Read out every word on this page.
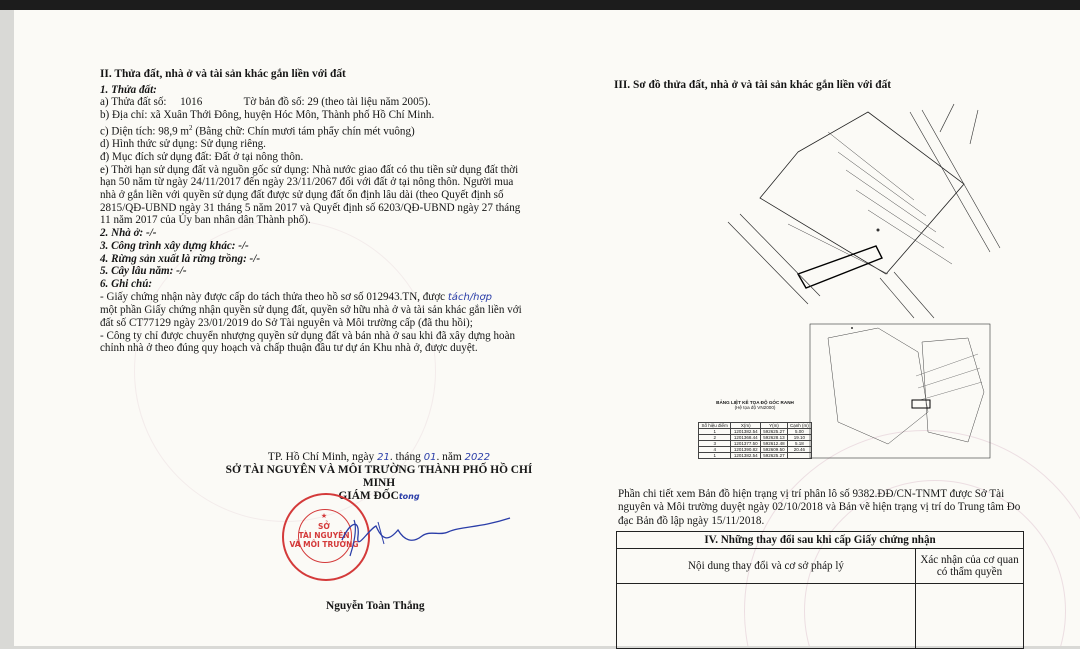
II. Thửa đất, nhà ở và tài sản khác gắn liền với đất

1. Thửa đất:

a) Thửa đất số: 1016	Tờ bản đồ số: 29 (theo tài liệu năm 2005).

b) Địa chỉ: xã Xuân Thới Đông, huyện Hóc Môn, Thành phố Hồ Chí Minh.

c) Diện tích: 98,9 $m^2$ (Bằng chữ: Chín mươi tám phẩy chín mét vuông)

d) Hình thức sử dụng: Sử dụng riêng.

đ) Mục đích sử dụng đất: Đất ở tại nông thôn.

e) Thời hạn sử dụng đất và nguồn gốc sử dụng: Nhà nước giao đất có thu tiền sử dụng đất thời

hạn 50 năm từ ngày 24/11/2017 đến ngày 23/11/2067 đối với đất ở tại nông thôn. Người mua

nhà ở gắn liền với quyền sử dụng đất được sử dụng đất ổn định lâu dài (theo Quyết định số

2815/QĐ-UBND ngày 31 tháng 5 năm 2017 và Quyết định số 6203/QĐ-UBND ngày 27 tháng

11 năm 2017 của Ủy ban nhân dân Thành phố).

2. Nhà ở: -/-

3. Công trình xây dựng khác: -/-

4. Rừng sản xuất là rừng trồng: -/-

5. Cây lâu năm: -/-

6. Ghi chú:

- Giấy chứng nhận này được cấp do tách thửa theo hồ sơ số 012943.TN, được tách/hợp

một phần Giấy chứng nhận quyền sử dụng đất, quyền sở hữu nhà ở và tài sản khác gắn liền với

đất số CT77129 ngày 23/01/2019 do Sở Tài nguyên và Môi trường cấp (đã thu hồi);

- Công ty chỉ được chuyển nhượng quyền sử dụng đất và bán nhà ở sau khi đã xây dựng hoàn

chỉnh nhà ở theo đúng quy hoạch và chấp thuận đầu tư dự án Khu nhà ở, được duyệt.

TP. Hồ Chí Minh, ngày 21. tháng 01. năm 2022
SỞ TÀI NGUYÊN VÀ MÔI TRƯỜNG THÀNH PHỐ HỒ CHÍ MINH
GIÁM ĐỐCtong
★
SỞ
TÀI NGUYÊN
VÀ MÔI TRƯỜNG
Nguyễn Toàn Thắng
III. Sơ đồ thửa đất, nhà ở và tài sản khác gắn liền với đất
BẢNG LIỆT KÊ TỌA ĐỘ GÓC RANH
(Hệ tọa độ VN2000)
Số hiệu điểm	X(m)	Y(m)	Cạnh (m)
1	1201382.54	592625.27	5.00
2	1201368.44	592628.13	19.10
3	1201377.50	592612.48	5.18
4	1201390.82	592609.50	20.46
1	1201382.54	592625.27	

Phần chi tiết xem Bản đồ hiện trạng vị trí phân lô số 9382.ĐĐ/CN-TNMT được Sở Tài

nguyên và Môi trường duyệt ngày 02/10/2018 và Bản vẽ hiện trạng vị trí do Trung tâm Đo

đạc Bản đồ lập ngày 15/11/2018.

IV. Những thay đổi sau khi cấp Giấy chứng nhận	
Nội dung thay đổi và cơ sở pháp lý	Xác nhận của cơ quan
có thẩm quyền
